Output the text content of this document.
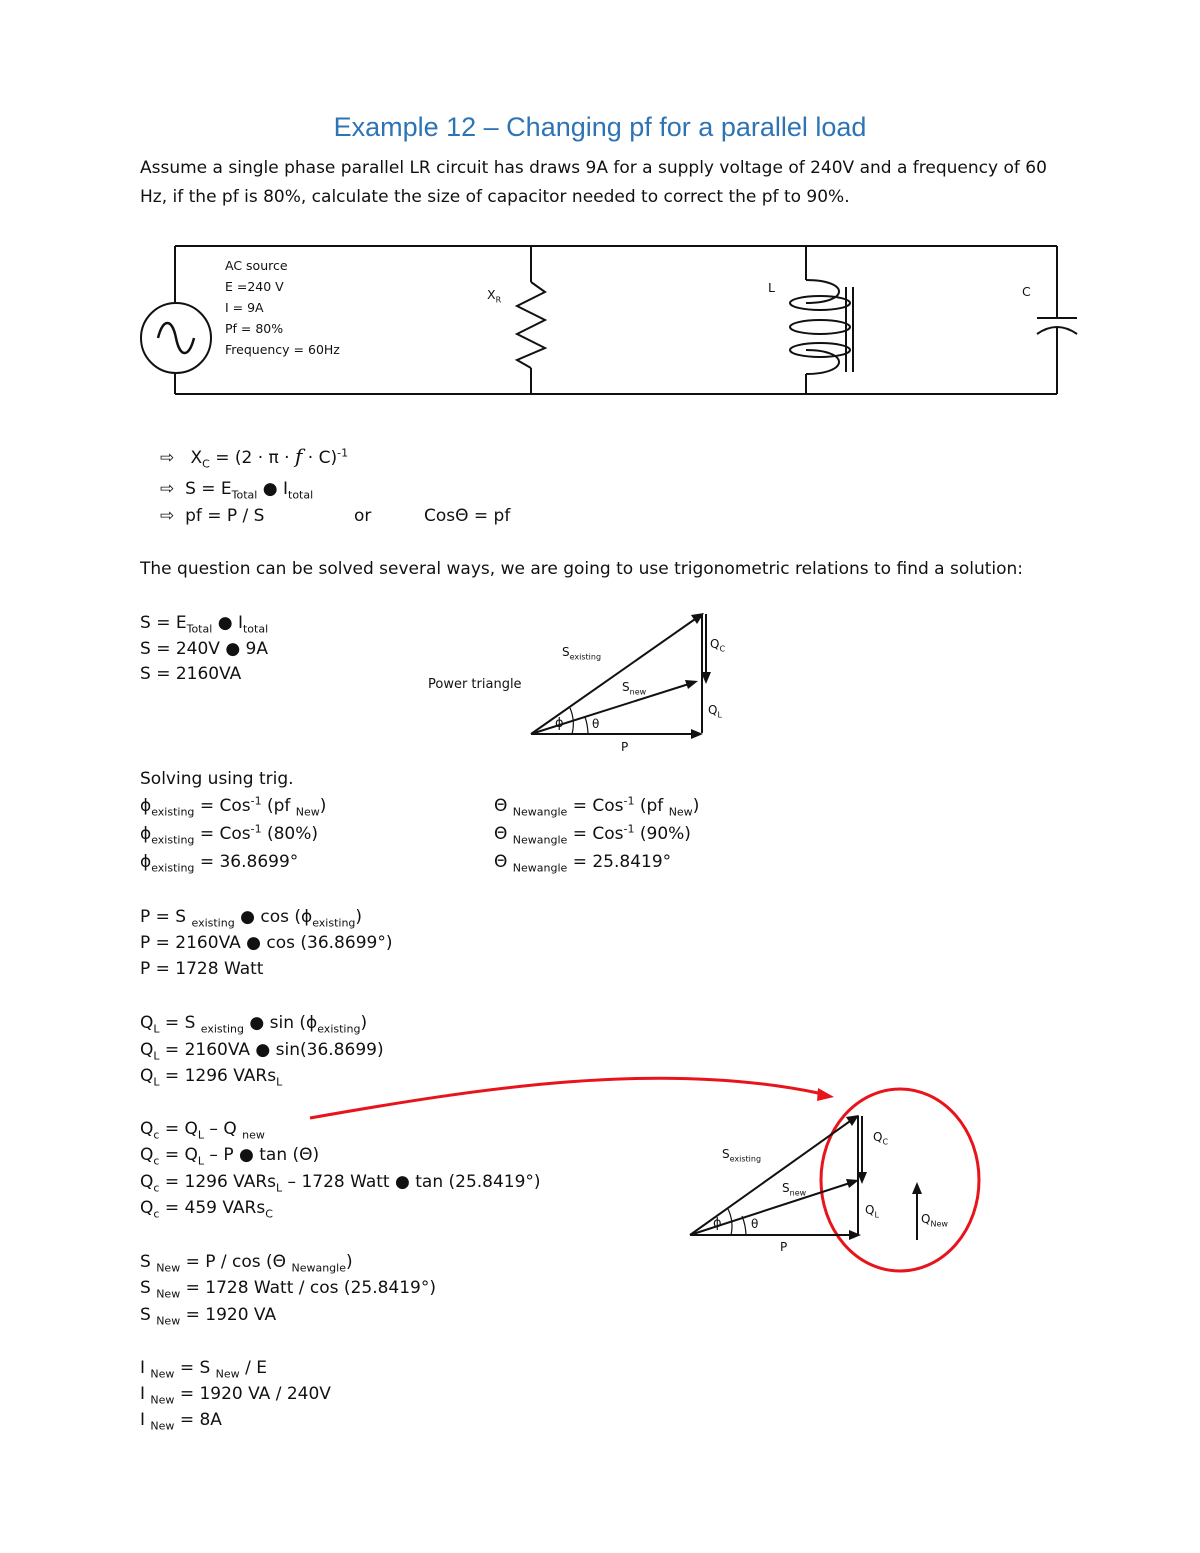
Example 12 – Changing pf for a parallel load
Assume a single phase parallel LR circuit has draws 9A for a supply voltage of 240V and a frequency of 60 Hz, if the pf is 80%, calculate the size of capacitor needed to correct the pf to 90%.
AC source
E =240 V
I = 9A
Pf = 80%
Frequency = 60Hz
$X_R$
L	C
⇨ $X_C = (2 \cdot \pi \cdot f \cdot C)^{-1}$
⇨ $S = E_{Total}$ ● $I_{total}$
⇨ pf = P / S	or	CosΘ = pf
The question can be solved several ways, we are going to use trigonometric relations to find a solution:
$S = E_{Total}$ ● $I_{total}$
S = 240V ● 9A
S = 2160VA
$S_{existing}$
$S_{new}$
$Q_C$
$Q_L$
P
ϕ θ
Power triangle
Solving using trig.
$\phi_{existing} = Cos^{-1}$ (pf $_{New}$)
$\phi_{existing} = Cos^{-1}$ (80%)
$\phi_{existing} = 36.8699^\circ$
Θ $_{Newangle}$ = Cos$^{-1}$ (pf $_{New}$)
Θ $_{Newangle}$ = Cos$^{-1}$ (90%)
Θ $_{Newangle}$ = 25.8419°
P = S $_{existing}$ ● $\cos (\phi_{existing})$
P = 2160VA ● cos (36.8699°)
P = 1728 Watt
$Q_L = S$ $_{existing}$ ● $\sin (\phi_{existing})$
$Q_L = 2160VA$ ● sin(36.8699)
$Q_L = 1296$ VARs$_L$
$Q_c = Q_L - Q$ $_{new}$
$Q_c = Q_L - P$ ● tan (Θ)
$Q_c = 1296$ VARs$_L$ – 1728 Watt ● tan (25.8419°)
$Q_c = 459$ VARs$_C$
S $_{New}$ = P / cos (Θ $_{Newangle}$)
S $_{New}$ = 1728 Watt / cos (25.8419°)
S $_{New}$ = 1920 VA
I $_{New}$ = S $_{New}$ / E
I $_{New}$ = 1920 VA / 240V
I $_{New}$ = 8A
$S_{existing}$
$S_{new}$
$Q_C$
$Q_L$	$Q_{New}$
P
ϕ θ
